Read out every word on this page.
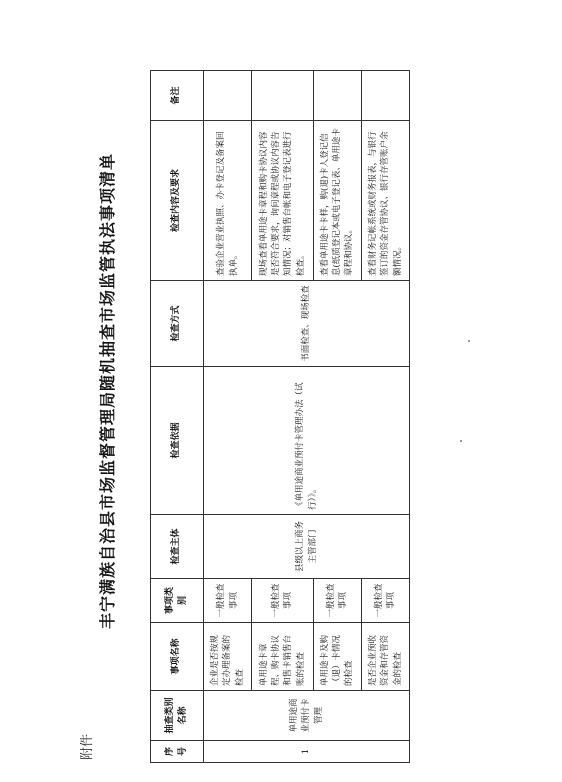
附件
丰宁满族自治县市场监督管理局随机抽查市场监管执法事项清单
序号	抽查类别名称	事项名称	事项类别	检查主体	检查依据	检查方式	检查内容及要求	备注
1	单用途商业预付卡管理	企业是否按规定办理备案的检查	一般检查事项	县级以上商务主管部门	《单用途商业预付卡管理办法（试行）》。	书面检查、现场检查	查验企业营业执照、办卡登记及备案回执单。	
		单用途卡章程、购卡协议和售卡销售台账的检查	一般检查事项				现场查看单用途卡章程和购卡协议内容是否符合要求，询问章程或协议内容告知情况；对销售台帐和电子登记表进行检查。	
		单用途卡及购（退）卡情况的检查	一般检查事项				查看单用途卡卡样，购(退)卡人登记信息(纸质登记本或电子登记表、单用途卡章程和协议。	
		是否企业预收资金和存管资金的检查	一般检查事项				查看财务记帐系统或财务报表，与银行签订的资金存管协议、银行存管账户余额情况。	
